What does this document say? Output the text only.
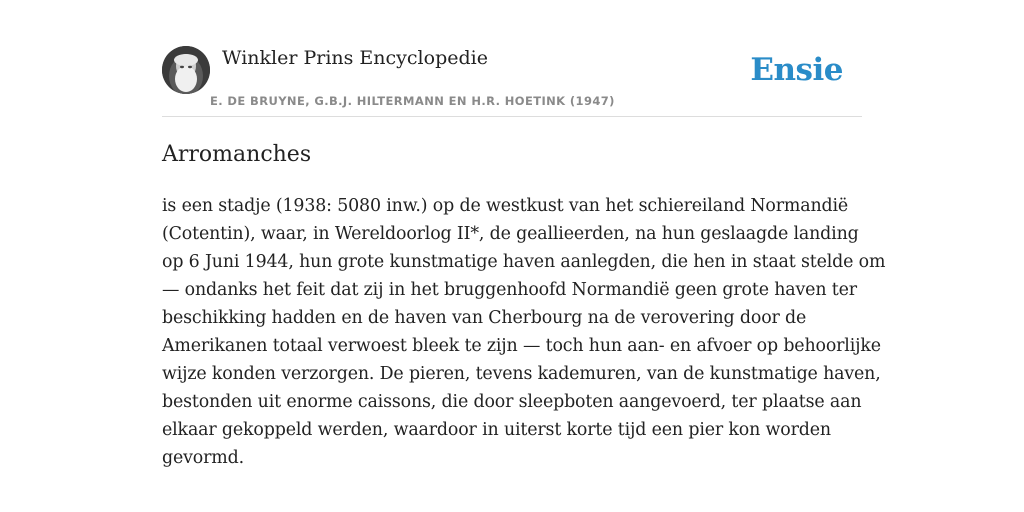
Winkler Prins Encyclopedie
E. DE BRUYNE, G.B.J. HILTERMANN EN H.R. HOETINK (1947)
Ensie
Arromanches

is een stadje (1938: 5080 inw.) op de westkust van het schiereiland Normandië
(Cotentin), waar, in Wereldoorlog II*, de geallieerden, na hun geslaagde landing
op 6 Juni 1944, hun grote kunstmatige haven aanlegden, die hen in staat stelde om
— ondanks het feit dat zij in het bruggenhoofd Normandië geen grote haven ter
beschikking hadden en de haven van Cherbourg na de verovering door de
Amerikanen totaal verwoest bleek te zijn — toch hun aan- en afvoer op behoorlijke
wijze konden verzorgen. De pieren, tevens kademuren, van de kunstmatige haven,
bestonden uit enorme caissons, die door sleepboten aangevoerd, ter plaatse aan
elkaar gekoppeld werden, waardoor in uiterst korte tijd een pier kon worden
gevormd.
